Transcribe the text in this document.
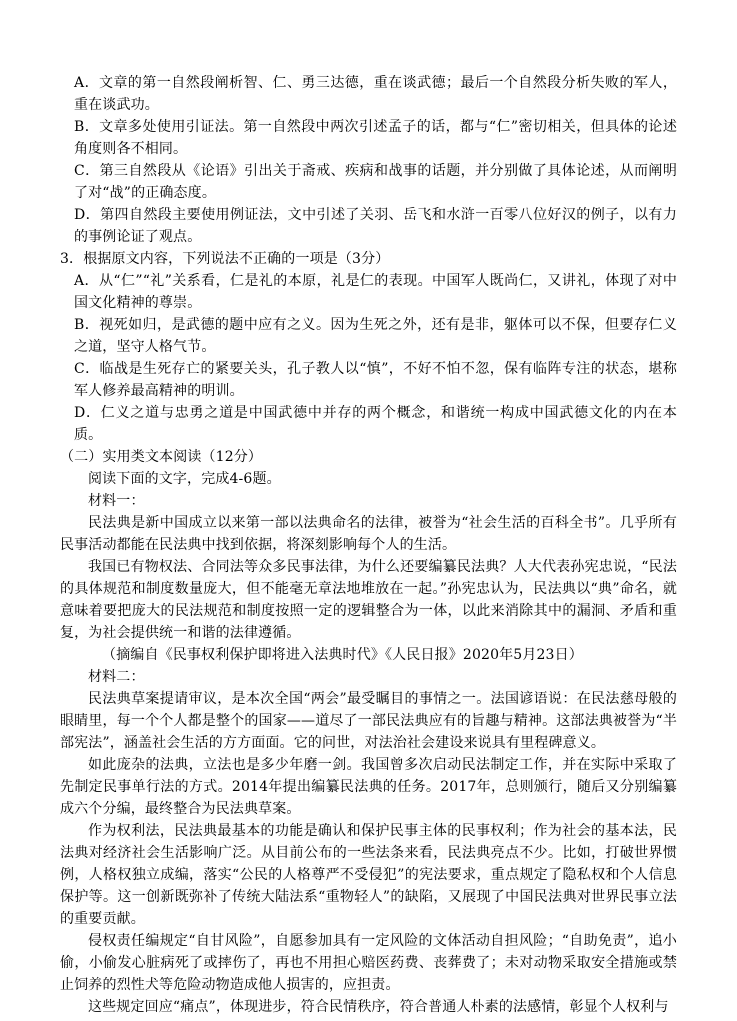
A．文章的第一自然段阐析智、仁、勇三达德，重在谈武德；最后一个自然段分析失败的军人，重在谈武功。

B．文章多处使用引证法。第一自然段中两次引述孟子的话，都与“仁”密切相关，但具体的论述角度则各不相同。

C．第三自然段从《论语》引出关于斋戒、疾病和战事的话题，并分别做了具体论述，从而阐明了对“战”的正确态度。

D．第四自然段主要使用例证法，文中引述了关羽、岳飞和水浒一百零八位好汉的例子，以有力的事例论证了观点。

3．根据原文内容，下列说法不正确的一项是（3分）

A．从“仁”“礼”关系看，仁是礼的本原，礼是仁的表现。中国军人既尚仁，又讲礼，体现了对中国文化精神的尊崇。

B．视死如归，是武德的题中应有之义。因为生死之外，还有是非，躯体可以不保，但要存仁义之道，坚守人格气节。

C．临战是生死存亡的紧要关头，孔子教人以“慎”，不好不怕不忽，保有临阵专注的状态，堪称军人修养最高精神的明训。

D．仁义之道与忠勇之道是中国武德中并存的两个概念，和谐统一构成中国武德文化的内在本质。

（二）实用类文本阅读（12分）

阅读下面的文字，完成4-6题。

材料一：

民法典是新中国成立以来第一部以法典命名的法律，被誉为“社会生活的百科全书”。几乎所有民事活动都能在民法典中找到依据，将深刻影响每个人的生活。

我国已有物权法、合同法等众多民事法律，为什么还要编纂民法典？人大代表孙宪忠说，“民法的具体规范和制度数量庞大，但不能毫无章法地堆放在一起。”孙宪忠认为，民法典以“典”命名，就意味着要把庞大的民法规范和制度按照一定的逻辑整合为一体，以此来消除其中的漏洞、矛盾和重复，为社会提供统一和谐的法律遵循。

（摘编自《民事权利保护即将进入法典时代》《人民日报》2020年5月23日）

材料二：

民法典草案提请审议，是本次全国“两会”最受瞩目的事情之一。法国谚语说：在民法慈母般的眼睛里，每一个个人都是整个的国家——道尽了一部民法典应有的旨趣与精神。这部法典被誉为“半部宪法”，涵盖社会生活的方方面面。它的问世，对法治社会建设来说具有里程碑意义。

如此庞杂的法典，立法也是多少年磨一剑。我国曾多次启动民法制定工作，并在实际中采取了先制定民事单行法的方式。2014年提出编纂民法典的任务。2017年，总则颁行，随后又分别编纂成六个分编，最终整合为民法典草案。

作为权利法，民法典最基本的功能是确认和保护民事主体的民事权利；作为社会的基本法，民法典对经济社会生活影响广泛。从目前公布的一些法条来看，民法典亮点不少。比如，打破世界惯例，人格权独立成编，落实“公民的人格尊严不受侵犯”的宪法要求，重点规定了隐私权和个人信息保护等。这一创新既弥补了传统大陆法系“重物轻人”的缺陷，又展现了中国民法典对世界民事立法的重要贡献。

侵权责任编规定“自甘风险”，自愿参加具有一定风险的文体活动自担风险；“自助免责”，追小偷，小偷发心脏病死了或摔伤了，再也不用担心赔医药费、丧葬费了；未对动物采取安全措施或禁止饲养的烈性犬等危险动物造成他人损害的，应担责。

这些规定回应“痛点”，体现进步，符合民情秩序，符合普通人朴素的法感情，彰显个人权利与
